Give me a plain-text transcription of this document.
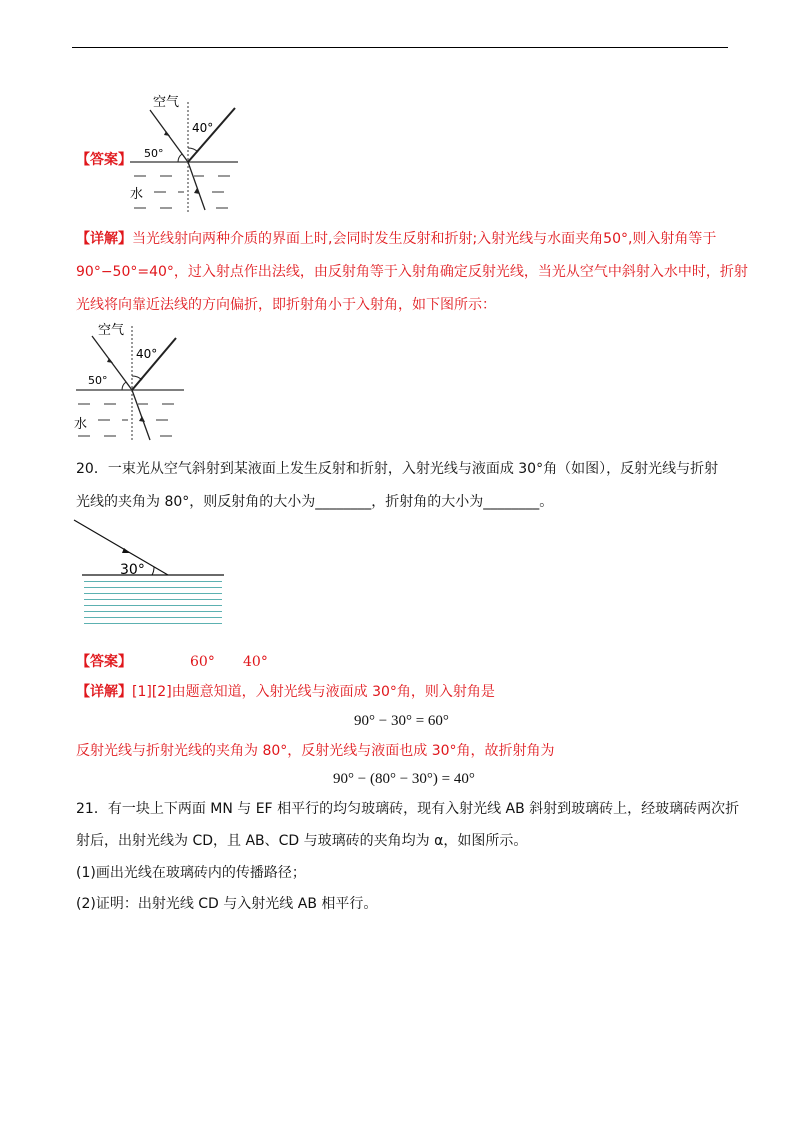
【答案】
空气
40°
50°
水
【详解】当光线射向两种介质的界面上时,会同时发生反射和折射;入射光线与水面夹角50°,则入射角等于
90°−50°=40°，过入射点作出法线，由反射角等于入射角确定反射光线，当光从空气中斜射入水中时，折射
光线将向靠近法线的方向偏折，即折射角小于入射角，如下图所示：
空气
40°
50°
水
20．一束光从空气斜射到某液面上发生反射和折射，入射光线与液面成 30°角（如图），反射光线与折射
光线的夹角为 80°，则反射角的大小为________，折射角的大小为________。
30°
【答案】	60° 40°
【详解】[1][2]由题意知道，入射光线与液面成 30°角，则入射角是
90° − 30° = 60°
反射光线与折射光线的夹角为 80°，反射光线与液面也成 30°角，故折射角为
90° − (80° − 30°) = 40°
21．有一块上下两面 MN 与 EF 相平行的均匀玻璃砖，现有入射光线 AB 斜射到玻璃砖上，经玻璃砖两次折
射后，出射光线为 CD，且 AB、CD 与玻璃砖的夹角均为 α，如图所示。
(1)画出光线在玻璃砖内的传播路径；
(2)证明：出射光线 CD 与入射光线 AB 相平行。
